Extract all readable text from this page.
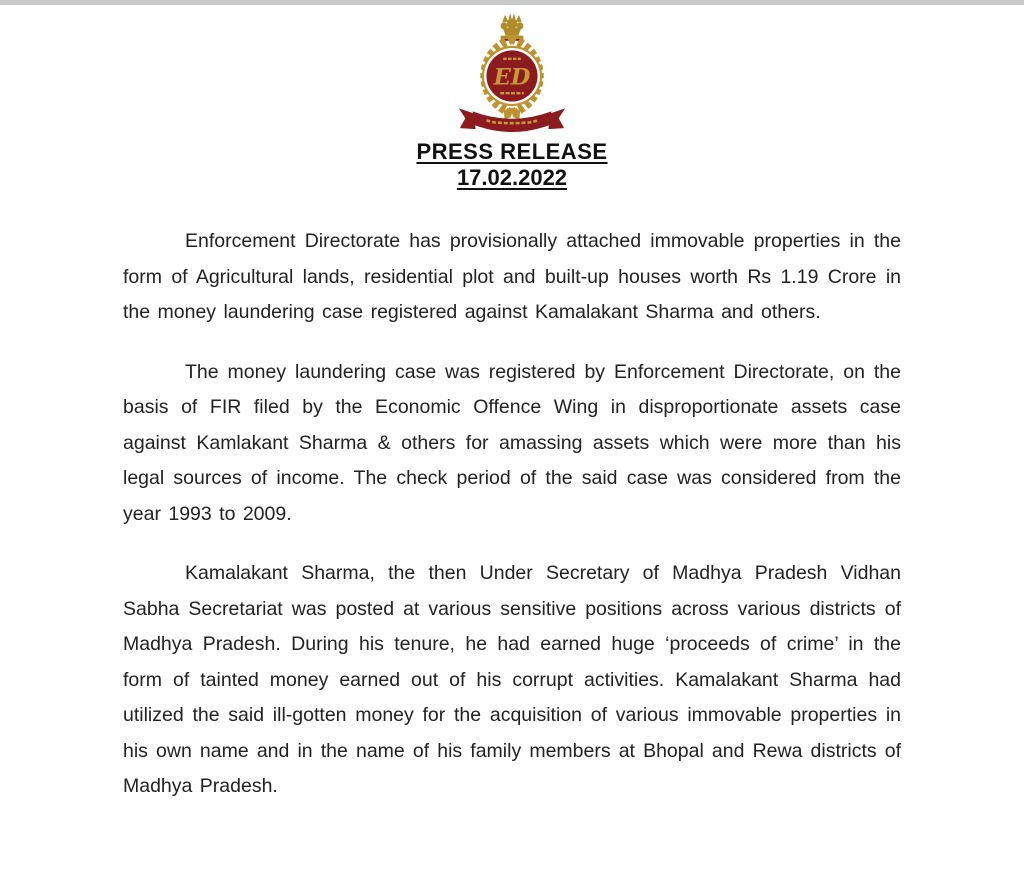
ED
PRESS RELEASE
17.02.2022

Enforcement Directorate has provisionally attached immovable properties in the form of Agricultural lands, residential plot and built-up houses worth Rs 1.19 Crore in the money laundering case registered against Kamalakant Sharma and others.

The money laundering case was registered by Enforcement Directorate, on the basis of FIR filed by the Economic Offence Wing in disproportionate assets case against Kamlakant Sharma & others for amassing assets which were more than his legal sources of income. The check period of the said case was considered from the year 1993 to 2009.

Kamalakant Sharma, the then Under Secretary of Madhya Pradesh Vidhan Sabha Secretariat was posted at various sensitive positions across various districts of Madhya Pradesh. During his tenure, he had earned huge ‘proceeds of crime’ in the form of tainted money earned out of his corrupt activities. Kamalakant Sharma had utilized the said ill-gotten money for the acquisition of various immovable properties in his own name and in the name of his family members at Bhopal and Rewa districts of Madhya Pradesh.
